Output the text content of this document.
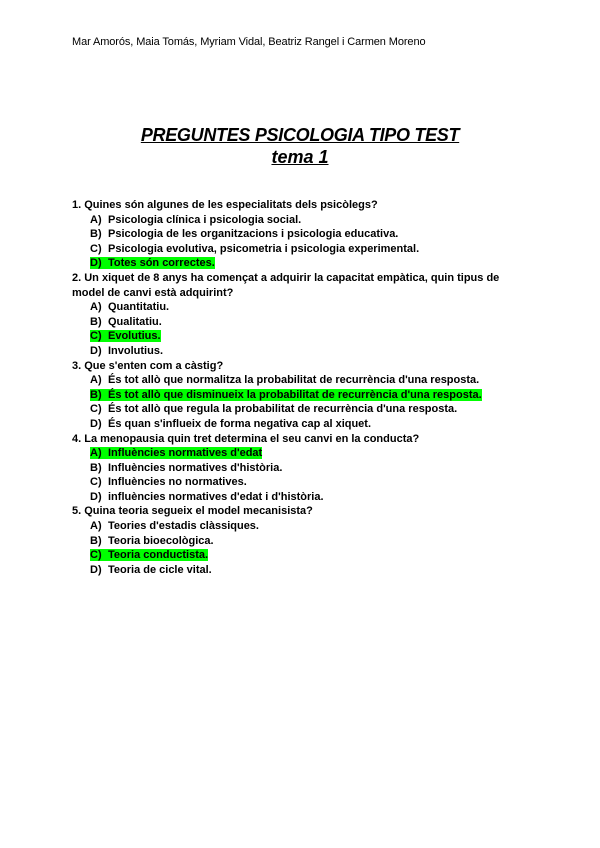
Mar Amorós, Maia Tomás, Myriam Vidal, Beatriz Rangel i Carmen Moreno

PREGUNTES PSICOLOGIA TIPO TEST

tema 1

1. Quines són algunes de les especialitats dels psicòlegs?
A) Psicologia clínica i psicologia social.
B) Psicologia de les organitzacions i psicologia educativa.
C) Psicologia evolutiva, psicometria i psicologia experimental.
D) Totes són correctes.
2. Un xiquet de 8 anys ha començat a adquirir la capacitat empàtica, quin tipus de model de canvi està adquirint?
A) Quantitatiu.
B) Qualitatiu.
C) Evolutius.
D) Involutius.
3. Que s'enten com a càstig?
A) És tot allò que normalitza la probabilitat de recurrència d'una resposta.
B) És tot allò que disminueix la probabilitat de recurrència d'una resposta.
C) És tot allò que regula la probabilitat de recurrència d'una resposta.
D) És quan s'influeix de forma negativa cap al xiquet.
4. La menopausia quin tret determina el seu canvi en la conducta?
A) Influències normatives d'edat
B) Influències normatives d'història.
C) Influències no normatives.
D) influències normatives d'edat i d'història.
5. Quina teoria segueix el model mecanisista?
A) Teories d'estadis clàssiques.
B) Teoria bioecològica.
C) Teoria conductista.
D) Teoria de cicle vital.
